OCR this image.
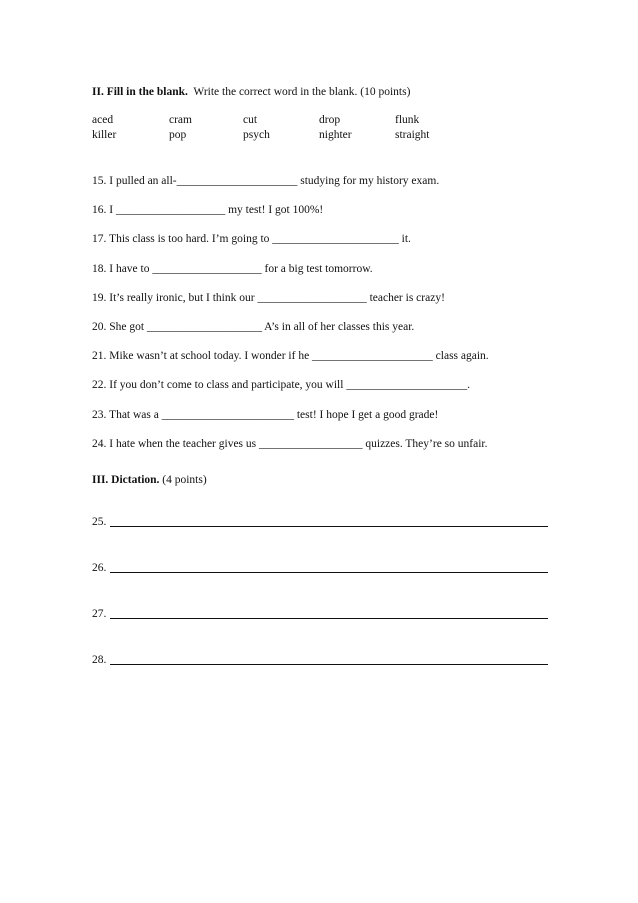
II. Fill in the blank. Write the correct word in the blank. (10 points)
aced	cram	cut	drop	flunk
killer	pop	psych	nighter	straight
15. I pulled an all-_____________________ studying for my history exam.
16. I ___________________ my test! I got 100%!
17. This class is too hard. I’m going to ______________________ it.
18. I have to ___________________ for a big test tomorrow.
19. It’s really ironic, but I think our ___________________ teacher is crazy!
20. She got ____________________ A’s in all of her classes this year.
21. Mike wasn’t at school today. I wonder if he _____________________ class again.
22. If you don’t come to class and participate, you will _____________________.
23. That was a _______________________ test! I hope I get a good grade!
24. I hate when the teacher gives us __________________ quizzes. They’re so unfair.
III. Dictation. (4 points)
25.
26.
27.
28.
